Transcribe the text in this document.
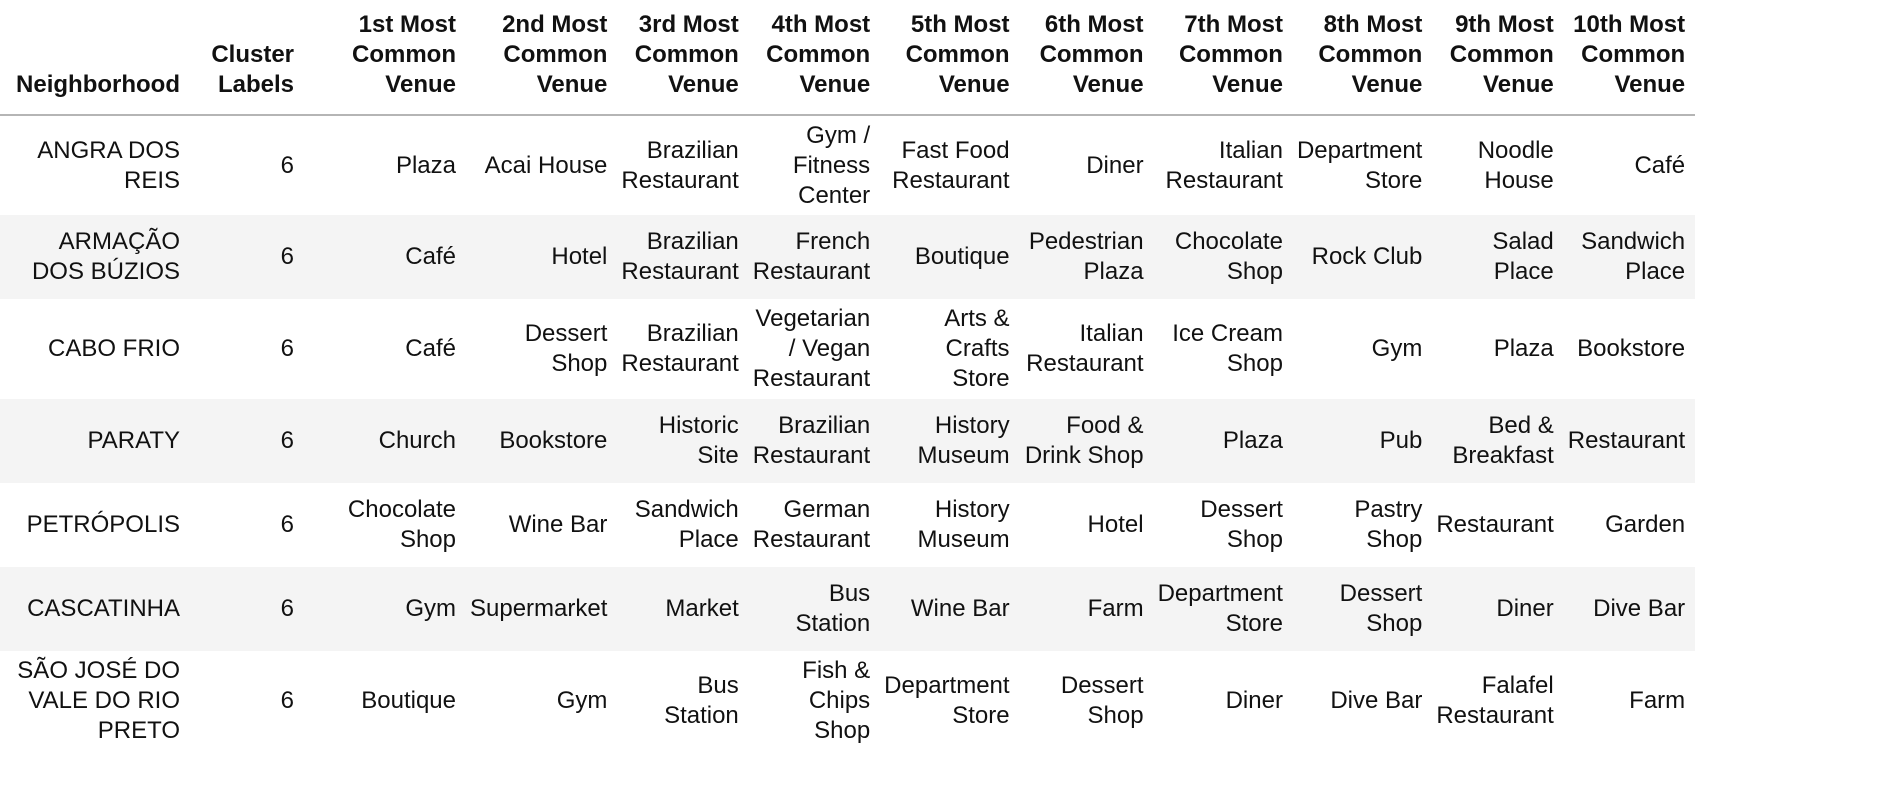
Neighborhood	Cluster Labels	1st Most Common Venue	2nd Most Common Venue	3rd Most Common Venue	4th Most Common Venue	5th Most Common Venue	6th Most Common Venue	7th Most Common Venue	8th Most Common Venue	9th Most Common Venue	10th Most Common Venue
ANGRA DOS REIS	6	Plaza	Acai House	Brazilian Restaurant	Gym / Fitness Center	Fast Food Restaurant	Diner	Italian Restaurant	Department Store	Noodle House	Café
ARMAÇÃO DOS BÚZIOS	6	Café	Hotel	Brazilian Restaurant	French Restaurant	Boutique	Pedestrian Plaza	Chocolate Shop	Rock Club	Salad Place	Sandwich Place
CABO FRIO	6	Café	Dessert Shop	Brazilian Restaurant	Vegetarian / Vegan Restaurant	Arts & Crafts Store	Italian Restaurant	Ice Cream Shop	Gym	Plaza	Bookstore
PARATY	6	Church	Bookstore	Historic Site	Brazilian Restaurant	History Museum	Food & Drink Shop	Plaza	Pub	Bed & Breakfast	Restaurant
PETRÓPOLIS	6	Chocolate Shop	Wine Bar	Sandwich Place	German Restaurant	History Museum	Hotel	Dessert Shop	Pastry Shop	Restaurant	Garden
CASCATINHA	6	Gym	Supermarket	Market	Bus Station	Wine Bar	Farm	Department Store	Dessert Shop	Diner	Dive Bar
SÃO JOSÉ DO VALE DO RIO PRETO	6	Boutique	Gym	Bus Station	Fish & Chips Shop	Department Store	Dessert Shop	Diner	Dive Bar	Falafel Restaurant	Farm
